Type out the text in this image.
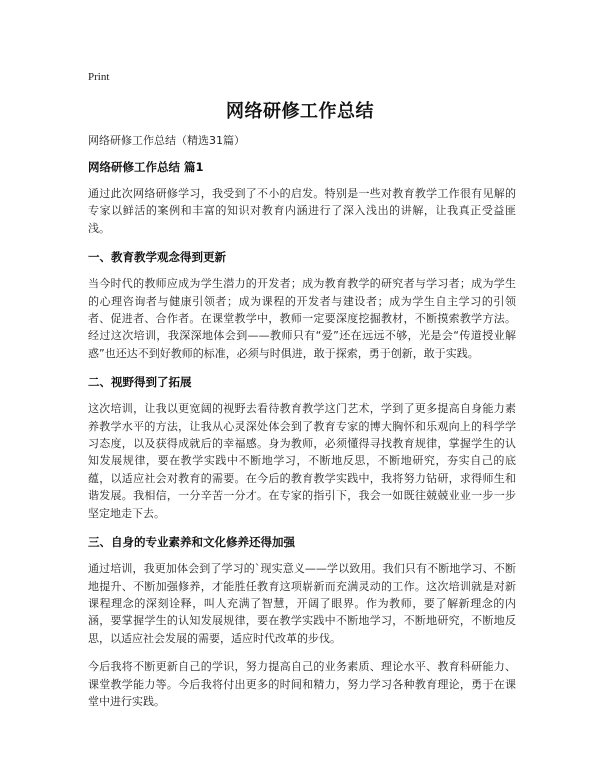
Print
网络研修工作总结

网络研修工作总结（精选31篇）

网络研修工作总结 篇1

通过此次网络研修学习，我受到了不小的启发。特别是一些对教育教学工作很有见解的专家以鲜活的案例和丰富的知识对教育内涵进行了深入浅出的讲解，让我真正受益匪浅。

一、教育教学观念得到更新

当今时代的教师应成为学生潜力的开发者；成为教育教学的研究者与学习者；成为学生的心理咨询者与健康引领者；成为课程的开发者与建设者；成为学生自主学习的引领者、促进者、合作者。在课堂教学中，教师一定要深度挖掘教材，不断摸索教学方法。经过这次培训，我深深地体会到——教师只有“爱”还在远远不够，光是会“传道授业解惑”也还达不到好教师的标准，必须与时俱进，敢于探索，勇于创新，敢于实践。

二、视野得到了拓展

这次培训，让我以更宽阔的视野去看待教育教学这门艺术，学到了更多提高自身能力素养教学水平的方法，让我从心灵深处体会到了教育专家的博大胸怀和乐观向上的科学学习态度，以及获得成就后的幸福感。身为教师，必须懂得寻找教育规律，掌握学生的认知发展规律，要在教学实践中不断地学习，不断地反思，不断地研究，夯实自己的底蕴，以适应社会对教育的需要。在今后的教育教学实践中，我将努力钻研，求得师生和谐发展。我相信，一分辛苦一分才。在专家的指引下，我会一如既往兢兢业业一步一步坚定地走下去。

三、自身的专业素养和文化修养还得加强

通过培训，我更加体会到了学习的`现实意义——学以致用。我们只有不断地学习、不断地提升、不断加强修养，才能胜任教育这项崭新而充满灵动的工作。这次培训就是对新课程理念的深刻诠释，叫人充满了智慧，开阔了眼界。作为教师，要了解新理念的内涵，要掌握学生的认知发展规律，要在教学实践中不断地学习，不断地研究，不断地反思，以适应社会发展的需要，适应时代改革的步伐。

今后我将不断更新自己的学识，努力提高自己的业务素质、理论水平、教育科研能力、课堂教学能力等。今后我将付出更多的时间和精力，努力学习各种教育理论，勇于在课堂中进行实践。
